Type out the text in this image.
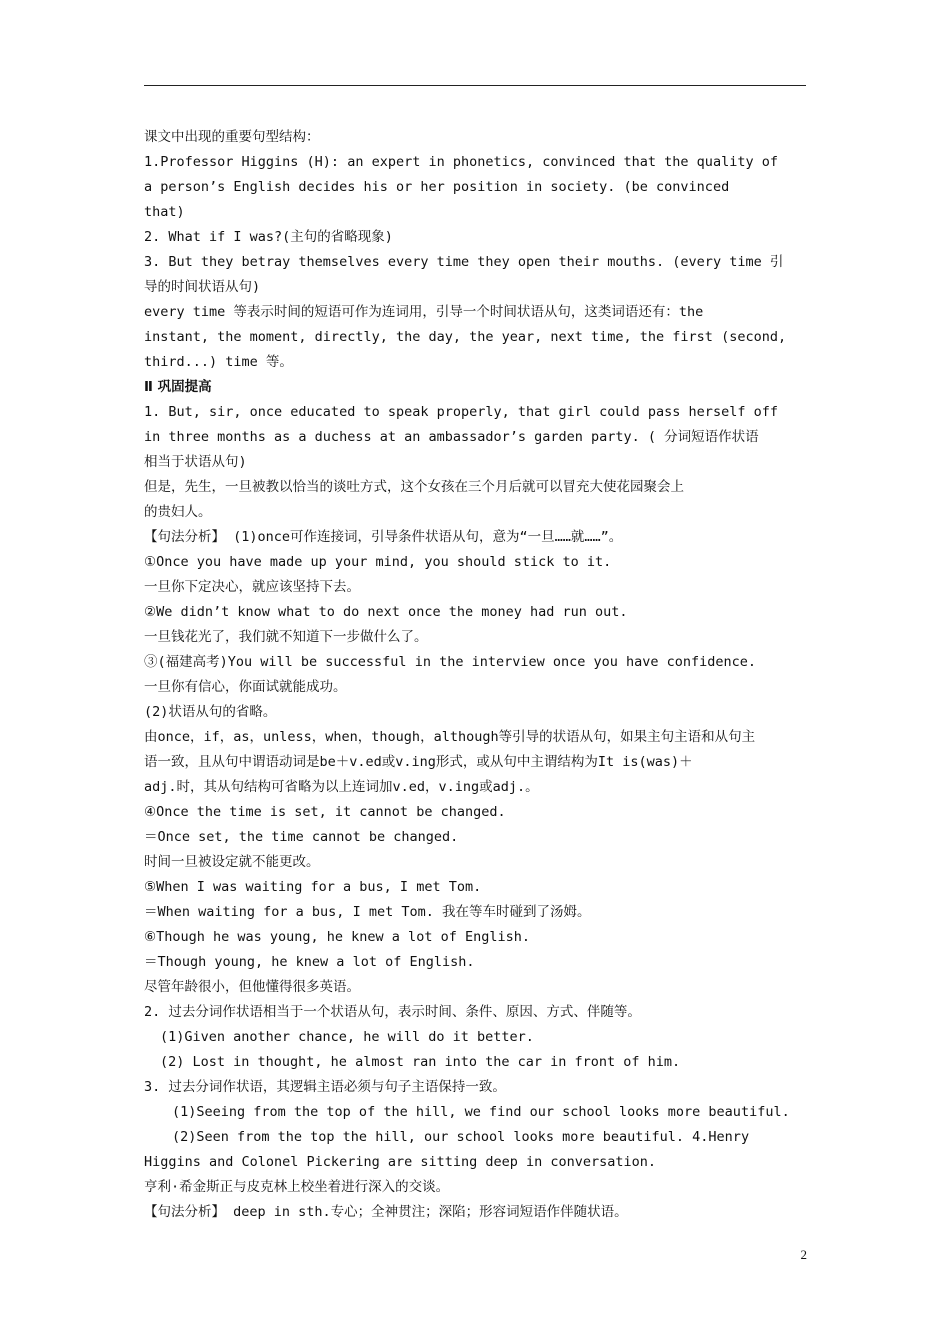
课文中出现的重要句型结构：
1.Professor Higgins (H): an expert in phonetics, convinced that the quality of
a person’s English decides his or her position in society. (be convinced
that)
2. What if I was?(主句的省略现象)
3. But they betray themselves every time they open their mouths. (every time 引
导的时间状语从句)
every time 等表示时间的短语可作为连词用，引导一个时间状语从句，这类词语还有：the
instant, the moment, directly, the day, the year, next time, the first (second,
third...) time 等。
Ⅱ 巩固提高
1. But, sir, once educated to speak properly, that girl could pass herself off
in three months as a duchess at an ambassador’s garden party. ( 分词短语作状语
相当于状语从句)
但是，先生，一旦被教以恰当的谈吐方式，这个女孩在三个月后就可以冒充大使花园聚会上
的贵妇人。
【句法分析】 (1)once可作连接词，引导条件状语从句，意为“一旦……就……”。
①Once you have made up your mind, you should stick to it.
一旦你下定决心，就应该坚持下去。
②We didn’t know what to do next once the money had run out.
一旦钱花光了，我们就不知道下一步做什么了。
③(福建高考)You will be successful in the interview once you have confidence.
一旦你有信心，你面试就能成功。
(2)状语从句的省略。
由once，if，as，unless，when，though，although等引导的状语从句，如果主句主语和从句主
语一致，且从句中谓语动词是be＋v.ed或v.ing形式，或从句中主谓结构为It is(was)＋
adj.时，其从句结构可省略为以上连词加v.ed，v.ing或adj.。
④Once the time is set, it cannot be changed.
＝Once set, the time cannot be changed.
时间一旦被设定就不能更改。
⑤When I was waiting for a bus, I met Tom.
＝When waiting for a bus, I met Tom. 我在等车时碰到了汤姆。
⑥Though he was young, he knew a lot of English.
＝Though young, he knew a lot of English.
尽管年龄很小，但他懂得很多英语。
2. 过去分词作状语相当于一个状语从句，表示时间、条件、原因、方式、伴随等。
(1)Given another chance, he will do it better.
(2) Lost in thought, he almost ran into the car in front of him.
3. 过去分词作状语，其逻辑主语必须与句子主语保持一致。
(1)Seeing from the top of the hill, we find our school looks more beautiful.
(2)Seen from the top the hill, our school looks more beautiful. 4.Henry
Higgins and Colonel Pickering are sitting deep in conversation.
亨利·希金斯正与皮克林上校坐着进行深入的交谈。
【句法分析】 deep in sth.专心；全神贯注；深陷；形容词短语作伴随状语。
2
